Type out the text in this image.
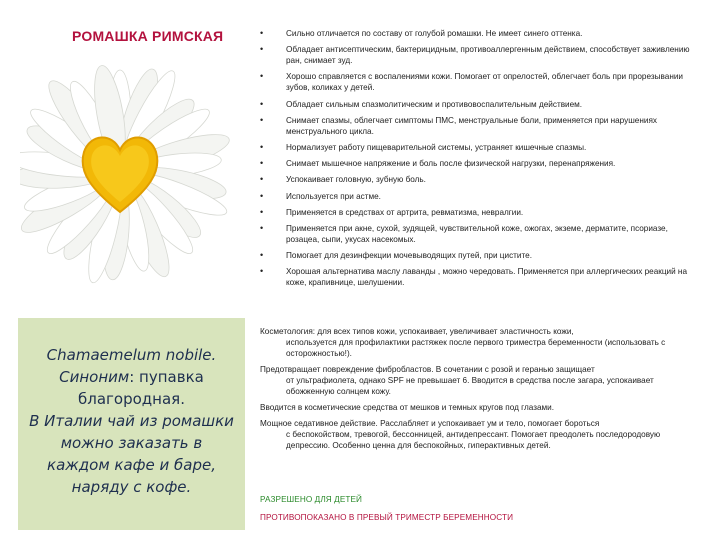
РОМАШКА РИМСКАЯ
•	Сильно отличается по составу от голубой ромашки. Не имеет синего оттенка.
• Обладает антисептическим, бактерицидным, противоаллергенным действием, способствует заживлению ран, снимает зуд.
• Хорошо справляется с воспалениями кожи. Помогает от опрелостей, облегчает боль при прорезывании зубов, коликах у детей.
• Обладает сильным спазмолитическим и противовоспалительным действием.
• Снимает спазмы, облегчает симптомы ПМС, менструальные боли, применяется при нарушениях менструального цикла.
• Нормализует работу пищеварительной системы, устраняет кишечные спазмы.
• Снимает мышечное напряжение и боль после физической нагрузки, перенапряжения.
• Успокаивает головную, зубную боль.
• Используется при астме.
• Применяется в средствах от артрита, ревматизма, невралгии.
• Применяется при акне, сухой, зудящей, чувствительной коже, ожогах, экземе, дерматите, псориазе, розацеа, сыпи, укусах насекомых.
• Помогает для дезинфекции мочевыводящих путей, при цистите.
• Хорошая альтернатива маслу лаванды , можно чередовать. Применяется при аллергических реакций на коже, крапивнице, шелушении.

Chamaemelum nobile.

Синоним: пупавка благородная.

В Италии чай из ромашки можно заказать в каждом кафе и баре, наряду с кофе.

Косметология: для всех типов кожи, успокаивает, увеличивает эластичность кожи,
используется для профилактики растяжек после первого триместра беременности (использовать с осторожностью!).

Предотвращает повреждение фибробластов. В сочетании с розой и геранью защищает
от ультрафиолета, однако SPF не превышает 6. Вводится в средства после загара, успокаивает обожженную солнцем кожу.

Вводится в косметические средства от мешков и темных кругов под глазами.

Мощное седативное действие. Расслабляет и успокаивает ум и тело, помогает бороться
с беспокойством, тревогой, бессонницей, антидепрессант. Помогает преодолеть последородовую депрессию. Особенно ценна для беспокойных, гиперактивных детей.

РАЗРЕШЕНО ДЛЯ ДЕТЕЙ
ПРОТИВОПОКАЗАНО В ПРЕВЫЙ ТРИМЕСТР БЕРЕМЕННОСТИ
